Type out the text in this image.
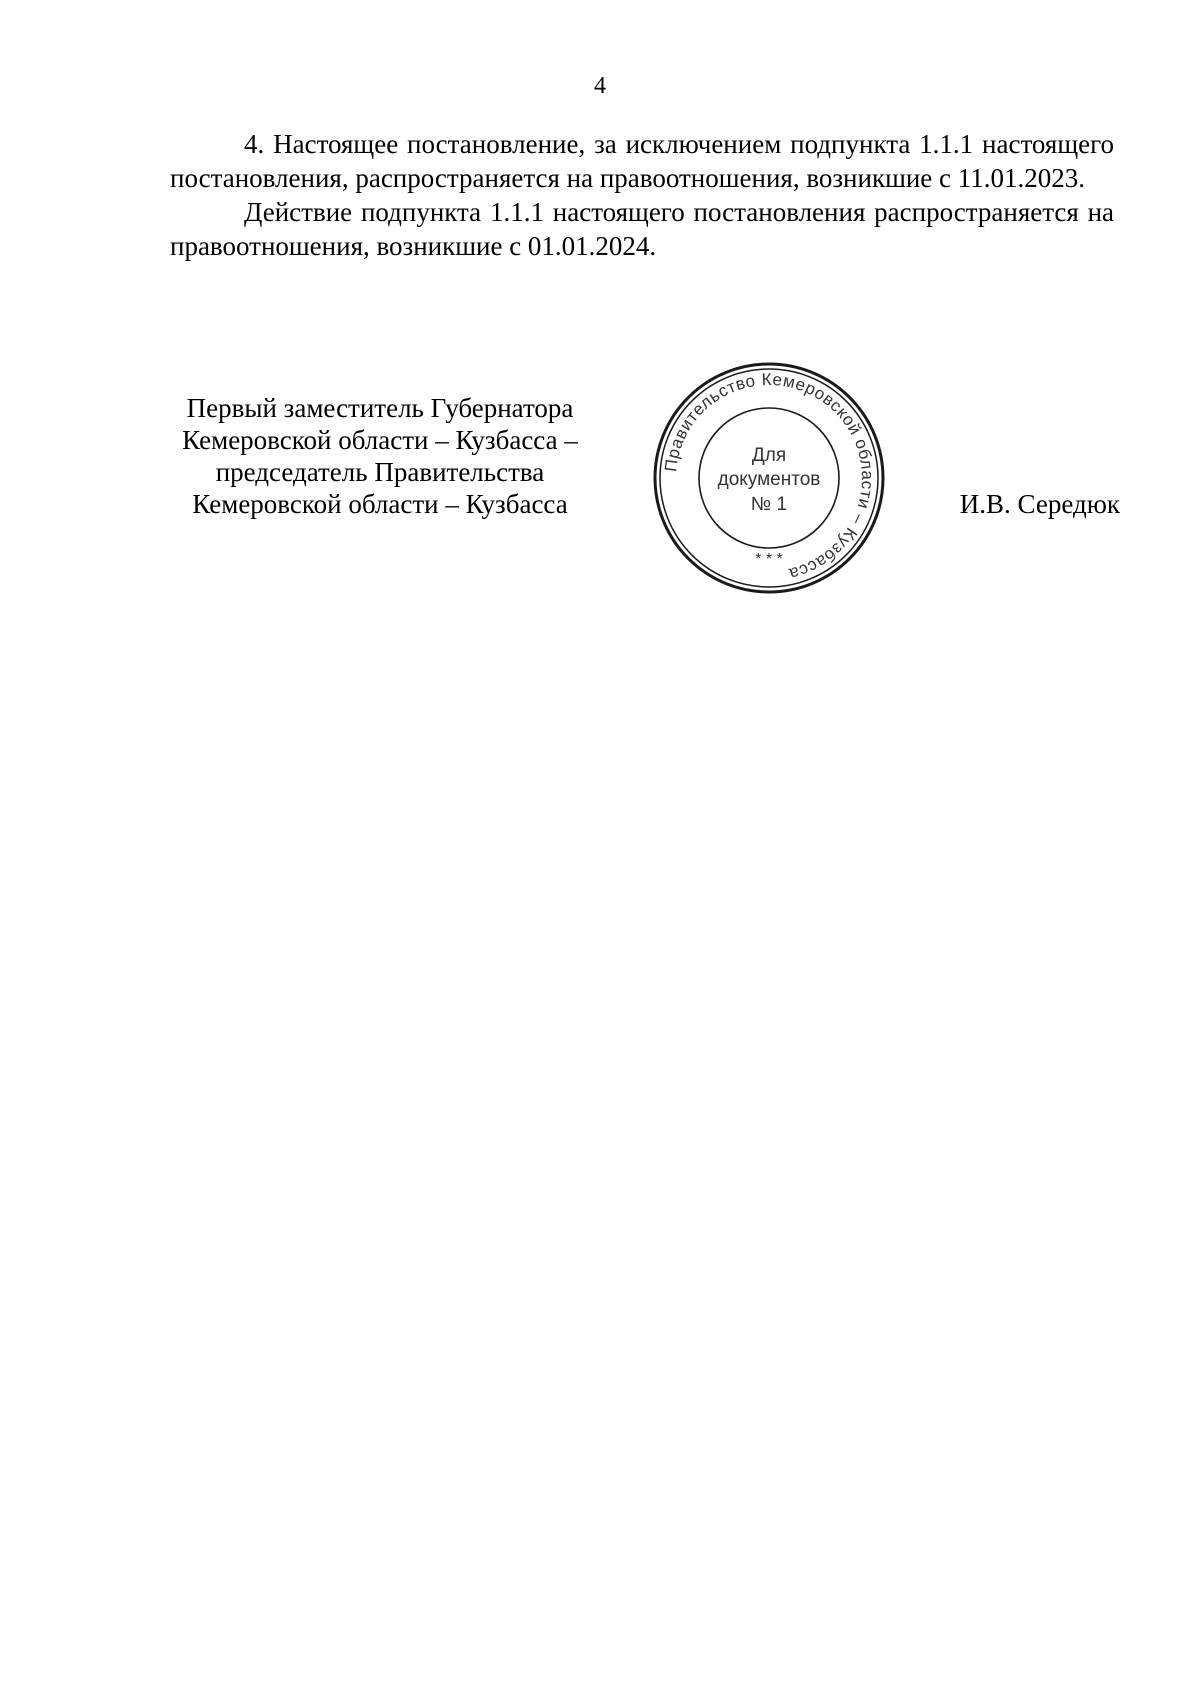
4

4. Настоящее постановление, за исключением подпункта 1.1.1 настоящего постановления, распространяется на правоотношения, возникшие с 11.01.2023.

Действие подпункта 1.1.1 настоящего постановления распространяется на правоотношения, возникшие с 01.01.2024.

Первый заместитель Губернатора
Кемеровской области – Кузбасса –
председатель Правительства
Кемеровской области – Кузбасса
Правительство Кемеровской области – Кузбасса
* * *
Для
документов
№ 1	И.В. Середюк
